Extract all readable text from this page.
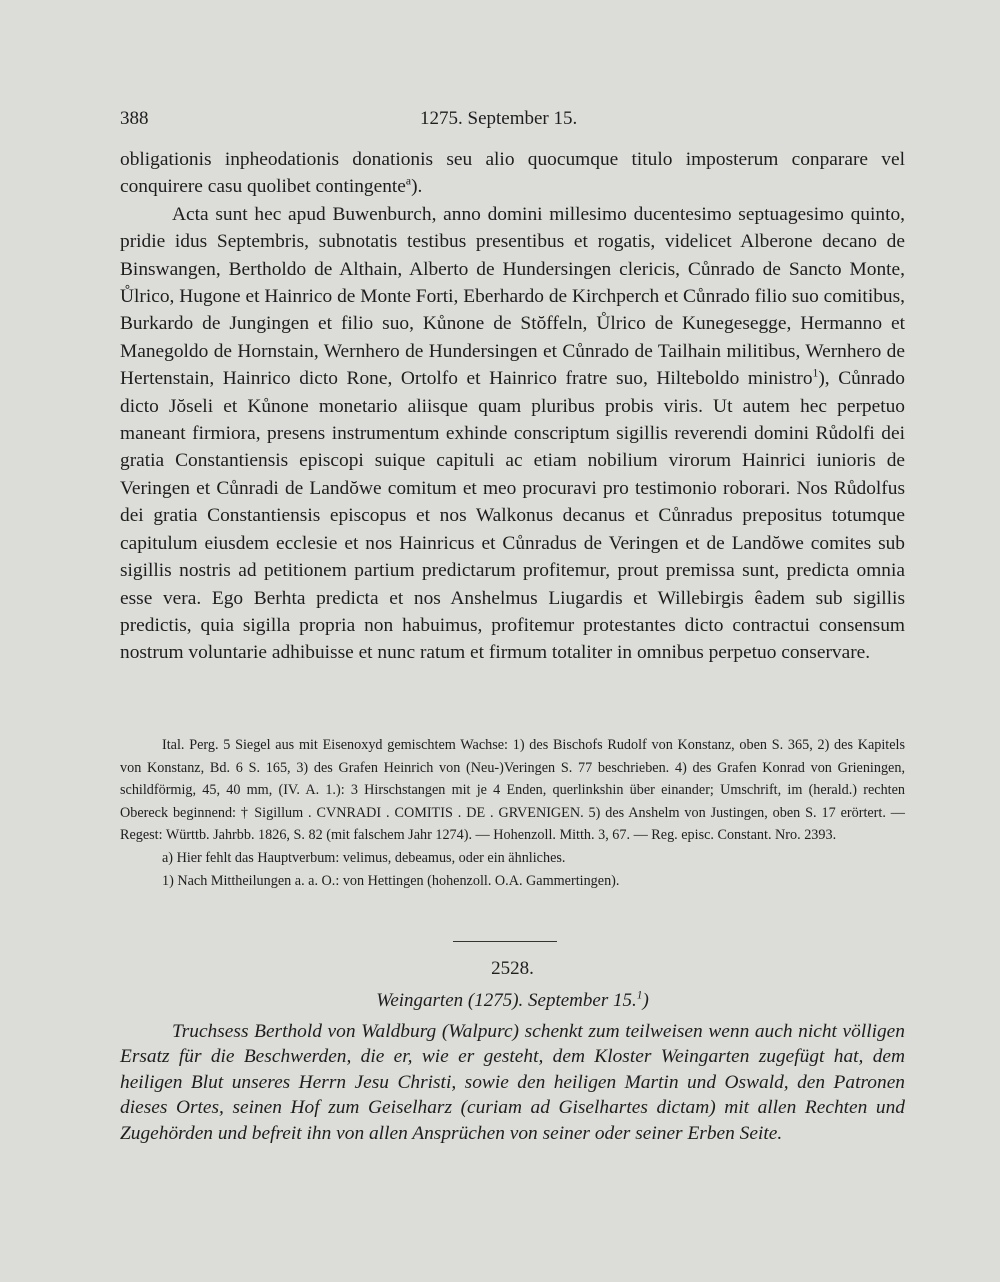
388	1275. September 15.

obligationis inpheodationis donationis seu alio quocumque titulo imposterum conparare vel conquirere casu quolibet contingente$^a$).

Acta sunt hec apud Buwenburch, anno domini millesimo ducentesimo septuagesimo quinto, pridie idus Septembris, subnotatis testibus presentibus et rogatis, videlicet Alberone decano de Binswangen, Bertholdo de Althain, Alberto de Hundersingen clericis, Cůnrado de Sancto Monte, Ůlrico, Hugone et Hainrico de Monte Forti, Eberhardo de Kirchperch et Cůnrado filio suo comitibus, Burkardo de Jungingen et filio suo, Kůnone de Stŏffeln, Ůlrico de Kunegesegge, Hermanno et Manegoldo de Hornstain, Wernhero de Hundersingen et Cůnrado de Tailhain militibus, Wernhero de Hertenstain, Hainrico dicto Rone, Ortolfo et Hainrico fratre suo, Hilteboldo ministro$^1$), Cůnrado dicto Jŏseli et Kůnone monetario aliisque quam pluribus probis viris. Ut autem hec perpetuo maneant firmiora, presens instrumentum exhinde conscriptum sigillis reverendi domini Růdolfi dei gratia Constantiensis episcopi suique capituli ac etiam nobilium virorum Hainrici iunioris de Veringen et Cůnradi de Landŏwe comitum et meo procuravi pro testimonio roborari. Nos Růdolfus dei gratia Constantiensis episcopus et nos Walkonus decanus et Cůnradus prepositus totumque capitulum eiusdem ecclesie et nos Hainricus et Cůnradus de Veringen et de Landŏwe comites sub sigillis nostris ad petitionem partium predictarum profitemur, prout premissa sunt, predicta omnia esse vera. Ego Berhta predicta et nos Anshelmus Liugardis et Willebirgis êadem sub sigillis predictis, quia sigilla propria non habuimus, profitemur protestantes dicto contractui consensum nostrum voluntarie adhibuisse et nunc ratum et firmum totaliter in omnibus perpetuo conservare.

Ital. Perg. 5 Siegel aus mit Eisenoxyd gemischtem Wachse: 1) des Bischofs Rudolf von Konstanz, oben S. 365, 2) des Kapitels von Konstanz, Bd. 6 S. 165, 3) des Grafen Heinrich von (Neu-)Veringen S. 77 beschrieben. 4) des Grafen Konrad von Grieningen, schildförmig, 45, 40 mm, (IV. A. 1.): 3 Hirschstangen mit je 4 Enden, querlinkshin über einander; Umschrift, im (herald.) rechten Obereck beginnend: † Sigillum . CVNRADI . COMITIS . DE . GRVENIGEN. 5) des Anshelm von Justingen, oben S. 17 erörtert. — Regest: Württb. Jahrbb. 1826, S. 82 (mit falschem Jahr 1274). — Hohenzoll. Mitth. 3, 67. — Reg. episc. Constant. Nro. 2393.

a) Hier fehlt das Hauptverbum: velimus, debeamus, oder ein ähnliches.

1) Nach Mittheilungen a. a. O.: von Hettingen (hohenzoll. O.A. Gammertingen).

2528.
Weingarten (1275). September 15.$^1$)
Truchsess Berthold von Waldburg (Walpurc) schenkt zum teilweisen wenn auch nicht völligen Ersatz für die Beschwerden, die er, wie er gesteht, dem Kloster Weingarten zugefügt hat, dem heiligen Blut unseres Herrn Jesu Christi, sowie den heiligen Martin und Oswald, den Patronen dieses Ortes, seinen Hof zum Geiselharz (curiam ad Giselhartes dictam) mit allen Rechten und Zugehörden und befreit ihn von allen Ansprüchen von seiner oder seiner Erben Seite.
